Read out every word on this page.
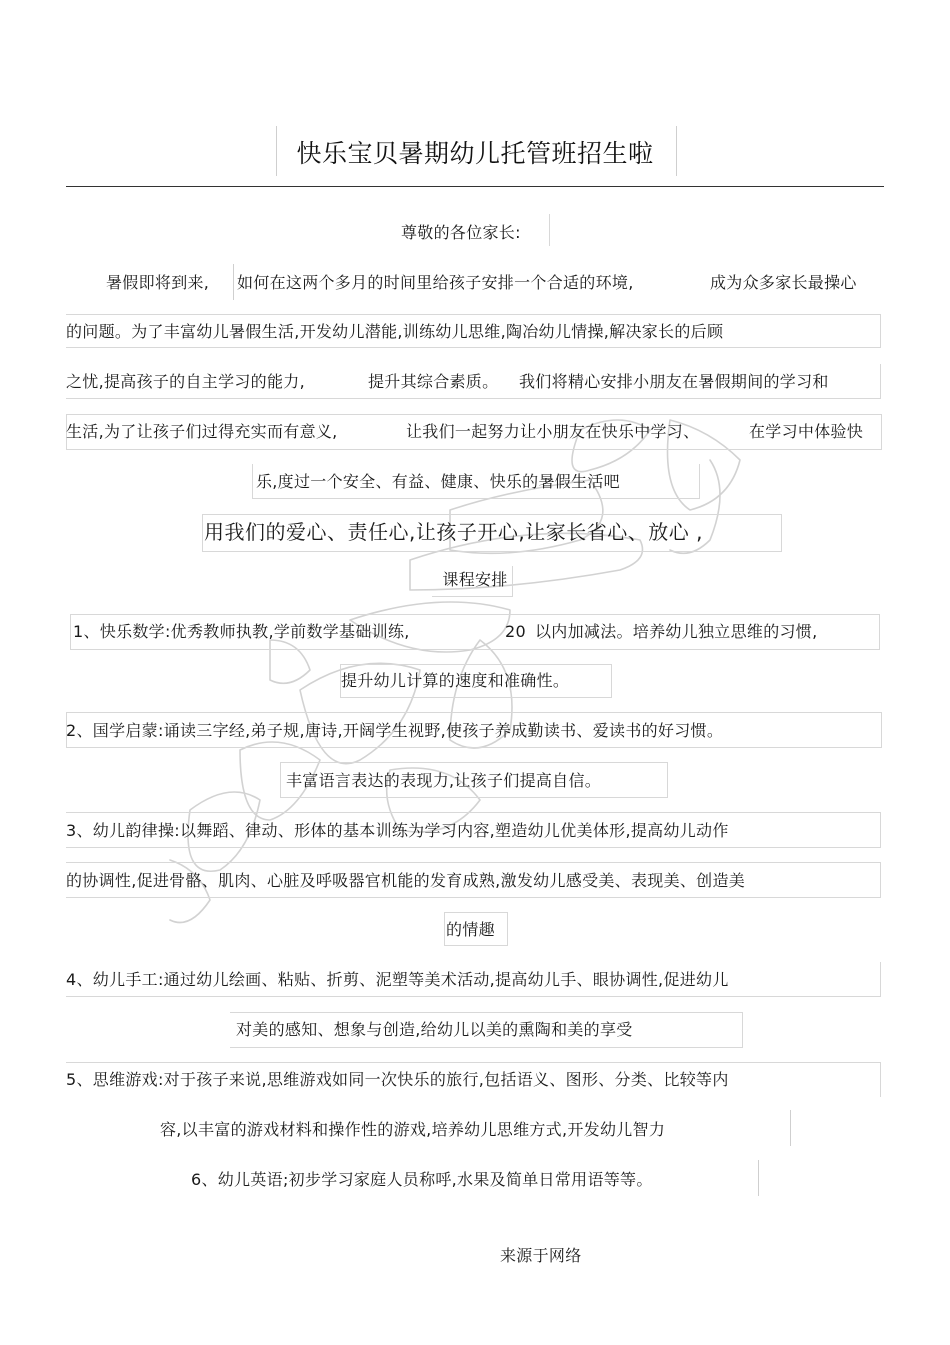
快乐宝贝暑期幼儿托管班招生啦
尊敬的各位家长:
暑假即将到来, 如何在这两个多月的时间里给孩子安排一个合适的环境,	成为众多家长最操心
的问题。为了丰富幼儿暑假生活,开发幼儿潜能,训练幼儿思维,陶冶幼儿情操,解决家长的后顾
之忧,提高孩子的自主学习的能力,	提升其综合素质。 我们将精心安排小朋友在暑假期间的学习和
生活,为了让孩子们过得充实而有意义,	让我们一起努力让小朋友在快乐中学习、	在学习中体验快
乐,度过一个安全、有益、健康、快乐的暑假生活吧
用我们的爱心、责任心,让孩子开心,让家长省心、放心 ,
课程安排
1、快乐数学:优秀教师执教,学前数学基础训练,	20 以内加减法。培养幼儿独立思维的习惯,
提升幼儿计算的速度和准确性。
2、国学启蒙:诵读三字经,弟子规,唐诗,开阔学生视野,使孩子养成勤读书、爱读书的好习惯。
丰富语言表达的表现力,让孩子们提高自信。
3、幼儿韵律操:以舞蹈、律动、形体的基本训练为学习内容,塑造幼儿优美体形,提高幼儿动作
的协调性,促进骨骼、肌肉、心脏及呼吸器官机能的发育成熟,激发幼儿感受美、表现美、创造美
的情趣
4、幼儿手工:通过幼儿绘画、粘贴、折剪、泥塑等美术活动,提高幼儿手、眼协调性,促进幼儿
对美的感知、想象与创造,给幼儿以美的熏陶和美的享受
5、思维游戏:对于孩子来说,思维游戏如同一次快乐的旅行,包括语义、图形、分类、比较等内
容,以丰富的游戏材料和操作性的游戏,培养幼儿思维方式,开发幼儿智力
6、幼儿英语;初步学习家庭人员称呼,水果及简单日常用语等等。
来源于网络
